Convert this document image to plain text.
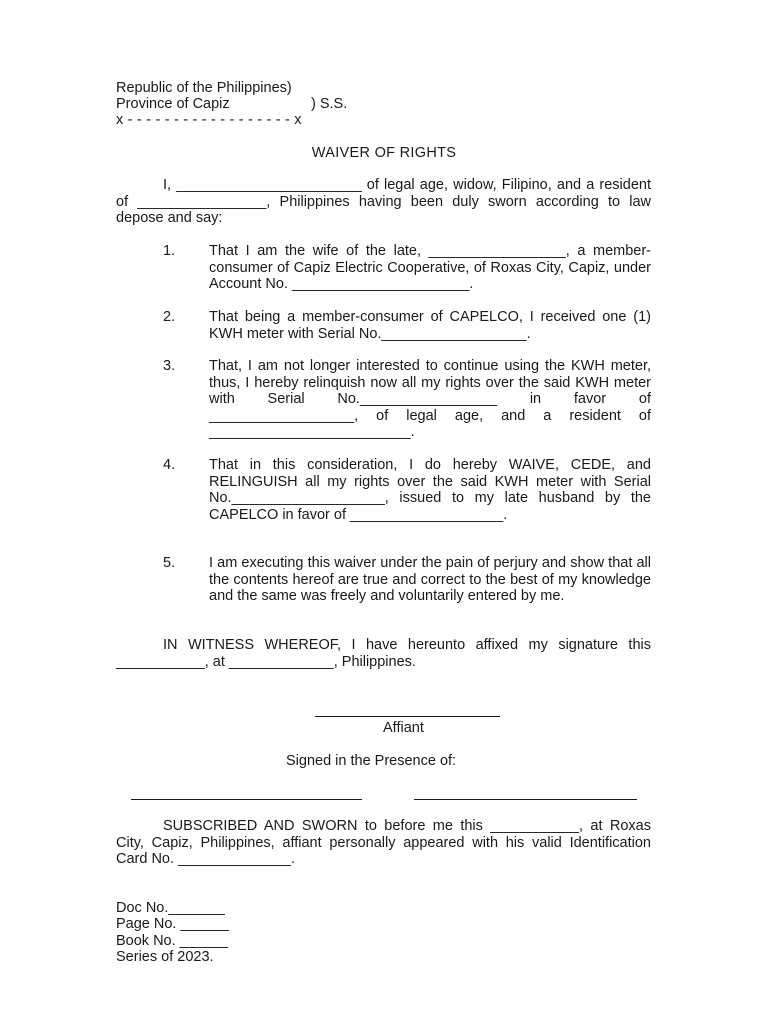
Republic of the Philippines)
Province of Capiz	) S.S.
x - - - - - - - - - - - - - - - - - - x
WAIVER OF RIGHTS
I, _______________________ of legal age, widow, Filipino, and a resident of ________________, Philippines having been duly sworn according to law depose and say:
1. That I am the wife of the late, _________________, a member-consumer of Capiz Electric Cooperative, of Roxas City, Capiz, under Account No. ______________________.
2. That being a member-consumer of CAPELCO, I received one (1) KWH meter with Serial No.__________________.
3. That, I am not longer interested to continue using the KWH meter, thus, I hereby relinquish now all my rights over the said KWH meter with Serial No._________________ in favor of __________________, of legal age, and a resident of _________________________.
4. That in this consideration, I do hereby WAIVE, CEDE, and RELINGUISH all my rights over the said KWH meter with Serial No.___________________, issued to my late husband by the CAPELCO in favor of ___________________.
5. I am executing this waiver under the pain of perjury and show that all the contents hereof are true and correct to the best of my knowledge and the same was freely and voluntarily entered by me.
IN WITNESS WHEREOF, I have hereunto affixed my signature this ___________, at _____________, Philippines.
Affiant
Signed in the Presence of:
SUBSCRIBED AND SWORN to before me this ___________, at Roxas City, Capiz, Philippines, affiant personally appeared with his valid Identification Card No. ______________.
Doc No._______
Page No. ______
Book No. ______
Series of 2023.
